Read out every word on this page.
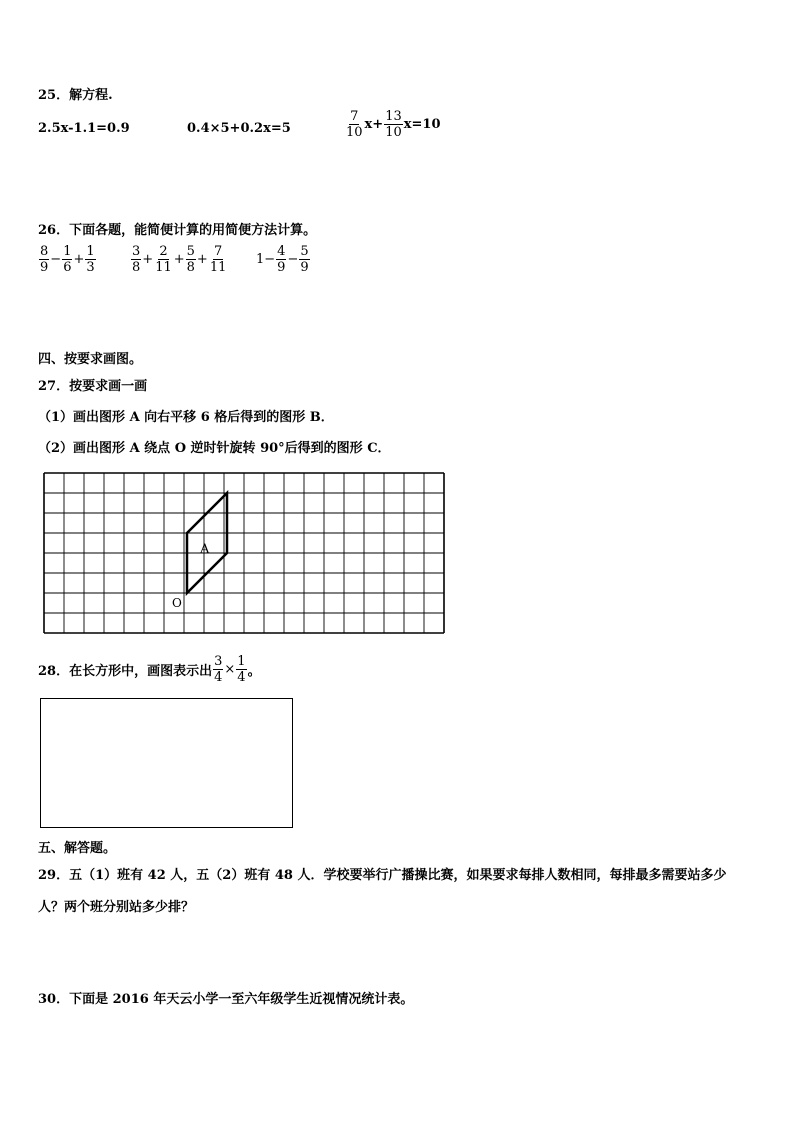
25．解方程.
2.5x-1.1=0.9	0.4×5+0.2x=5	$\frac{7}{10} x+ \frac{13}{10} x=10$
26．下面各题，能简便计算的用简便方法计算。
$\frac{8}{9} - \frac{1}{6} + \frac{1}{3}$	$\frac{3}{8} + \frac{2}{11} + \frac{5}{8} + \frac{7}{11} 1- \frac{4}{9} - \frac{5}{9}$
四、按要求画图。
27．按要求画一画
（1）画出图形 A 向右平移 6 格后得到的图形 B．
（2）画出图形 A 绕点 O 逆时针旋转 90°后得到的图形 C．
A
O
28．在长方形中，画图表示出 $\frac{3}{4} \times \frac{1}{4}$ 。
五、解答题。
29．五（1）班有 42 人，五（2）班有 48 人．学校要举行广播操比赛，如果要求每排人数相同，每排最多需要站多少
人？两个班分别站多少排？
30．下面是 2016 年天云小学一至六年级学生近视情况统计表。
